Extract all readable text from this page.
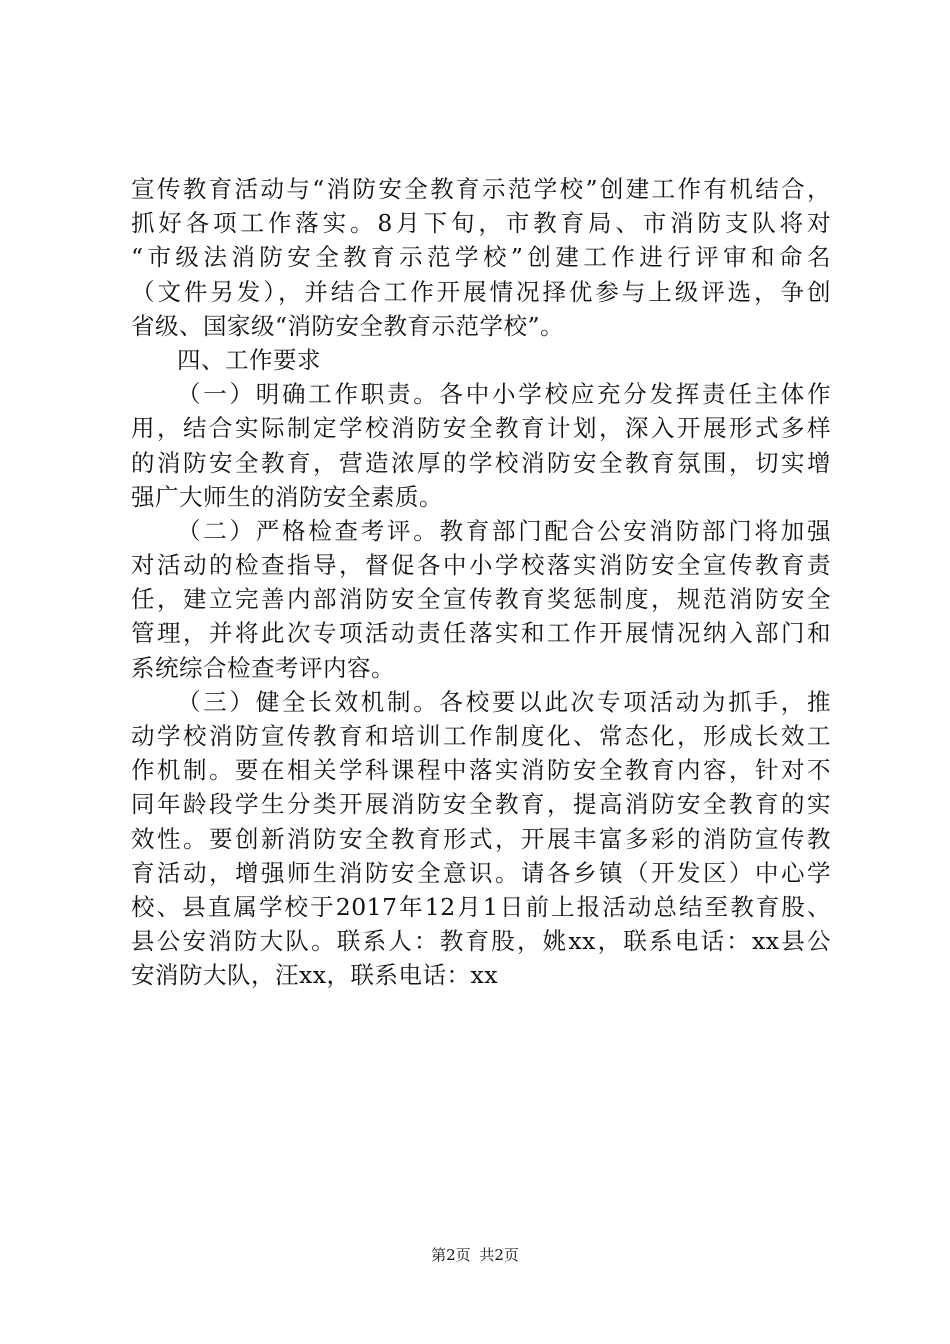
宣传教育活动与“消防安全教育示范学校”创建工作有机结合，
抓好各项工作落实。8月下旬，市教育局、市消防支队将对
“市级法消防安全教育示范学校”创建工作进行评审和命名
（文件另发），并结合工作开展情况择优参与上级评选，争创
省级、国家级“消防安全教育示范学校”。
四、工作要求
（一）明确工作职责。各中小学校应充分发挥责任主体作
用，结合实际制定学校消防安全教育计划，深入开展形式多样
的消防安全教育，营造浓厚的学校消防安全教育氛围，切实增
强广大师生的消防安全素质。
（二）严格检查考评。教育部门配合公安消防部门将加强
对活动的检查指导，督促各中小学校落实消防安全宣传教育责
任，建立完善内部消防安全宣传教育奖惩制度，规范消防安全
管理，并将此次专项活动责任落实和工作开展情况纳入部门和
系统综合检查考评内容。
（三）健全长效机制。各校要以此次专项活动为抓手，推
动学校消防宣传教育和培训工作制度化、常态化，形成长效工
作机制。要在相关学科课程中落实消防安全教育内容，针对不
同年龄段学生分类开展消防安全教育，提高消防安全教育的实
效性。要创新消防安全教育形式，开展丰富多彩的消防宣传教
育活动，增强师生消防安全意识。请各乡镇（开发区）中心学
校、县直属学校于2017年12月1日前上报活动总结至教育股、
县公安消防大队。联系人：教育股，姚xx，联系电话：xx县公
安消防大队，汪xx，联系电话：xx
第2页 共2页
